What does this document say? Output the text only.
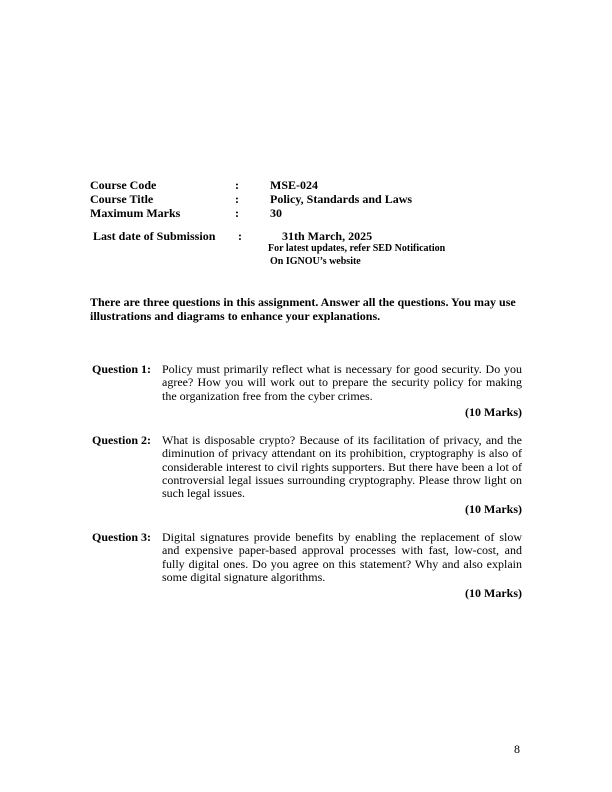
Course Code	:	MSE-024
Course Title	:	Policy, Standards and Laws
Maximum Marks	:	30
Last date of Submission :	31th March, 2025
For latest updates, refer SED Notification
On IGNOU’s website
There are three questions in this assignment. Answer all the questions. You may use illustrations and diagrams to enhance your explanations.
Question 1: Policy must primarily reflect what is necessary for good security. Do you agree? How you will work out to prepare the security policy for making the organization free from the cyber crimes.
(10 Marks)
Question 2: What is disposable crypto? Because of its facilitation of privacy, and the diminution of privacy attendant on its prohibition, cryptography is also of considerable interest to civil rights supporters. But there have been a lot of controversial legal issues surrounding cryptography. Please throw light on such legal issues.
(10 Marks)
Question 3: Digital signatures provide benefits by enabling the replacement of slow and expensive paper-based approval processes with fast, low-cost, and fully digital ones. Do you agree on this statement? Why and also explain some digital signature algorithms.
(10 Marks)
8
